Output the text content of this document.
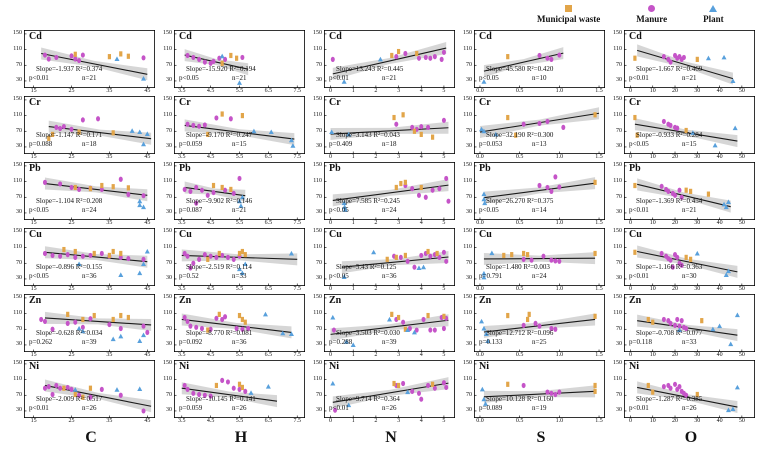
Municipal waste	Manure	Plant
150
110
70
30
Cd
Slope=-1.937 R²=0.374
p<0.01	n=21
15	25	35	45
150
110
70
30
Cd
Slope=-15.920 R²=0.194
p<0.05	n=21
3.5	4.5	5.5	6.5	7.5
150
110
70
30
Cd
Slope=13.243 R²=0.445
p<0.01	n=21
0	1	2	3	4	5
150
110
70
30
Cd
Slope=45.580 R²=0.420
p<0.05	n=10
0.0	0.5	1.0	1.5
150
110
70
30
Cd
Slope=-1.667 R²=0.469
p<0.01	n=21
0	10	20	30	40	50
150
110
70
30
Cr
Slope=-1.147 R²=0.171
p=0.088	n=18
15	25	35	45
150
110
70
30
Cr
Slope=-9.170 R²=0.247
p=0.059	n=15
3.5	4.5	5.5	6.5	7.5
150
110
70
30
Cr
Slope=3.143 R²=0.043
p=0.409	n=18
0	1	2	3	4	5
150
110
70
30
Cr
Slope=32.190 R²=0.300
p=0.053	n=13
0.0	0.5	1.0	1.5
150
110
70
30
Cr
Slope=-0.933 R²=0.284
p<0.05	n=15
0	10	20	30	40	50
150
110
70
30
Pb
Slope=-1.104 R²=0.208
p<0.05	n=24
15	25	35	45
150
110
70
30
Pb
Slope=-9.902 R²=0.146
p=0.087	n=21
3.5	4.5	5.5	6.5	7.5
150
110
70
30
Pb
Slope=7.585 R²=0.245
p<0.05	n=24
0	1	2	3	4	5
150
110
70
30
Pb
Slope=26.270 R²=0.375
p<0.05	n=14
0.0	0.5	1.0	1.5
150
110
70
30
Pb
Slope=-1.369 R²=0.454
p<0.01	n=21
0	10	20	30	40	50
150
110
70
30
Cu
Slope=-0.896 R²=0.155
p<0.05	n=36
15	25	35	45
150
110
70
30
Cu
Slope=-2.519 R²=0.114
p=0.52	n=33
3.5	4.5	5.5	6.5	7.5
150
110
70
30
Cu
Slope=5.43 R²=0.125
p<0.05	n=36
0	1	2	3	4	5
150
110
70
30
Cu
Slope=1.480 R²=0.003
p=0.791	n=24
0.0	0.5	1.0	1.5
150
110
70
30
Cu
Slope=-1.166 R²=0.363
p<0.01	n=30
0	10	20	30	40	50
150
110
70
30
Zn
Slope=-0.628 R²=0.034
p=0.262	n=39
15	25	35	45
150
110
70
30
Zn
Slope=-8.770 R²=0.081
p=0.092	n=36
3.5	4.5	5.5	6.5	7.5
150
110
70
30
Zn
Slope=3.503 R²=0.030
p=0.288	n=39
0	1	2	3	4	5
150
110
70
30
Zn
Slope=12.712 R²=0.096
p=0.133	n=25
0.0	0.5	1.0	1.5
150
110
70
30
Zn
Slope=-0.708 R²=0.077
p=0.118	n=33
0	10	20	30	40	50
150
110
70
30
Ni
Slope=-2.009 R²=0.517
p<0.01	n=26
15	25	35	45
150
110
70
30
Ni
Slope=-10.145 R²=0.141
p=0.059	n=26
3.5	4.5	5.5	6.5	7.5
150
110
70
30
Ni
Slope=9.714 R²=0.364
p<0.01	n=26
0	1	2	3	4	5
150
110
70
30
Ni
Slope=10.128 R²=0.160
p=0.089	n=19
0.0	0.5	1.0	1.5
150
110
70
30
Ni
Slope=-1.287 R²=0.385
p<0.01	n=26
0	10	20	30	40	50
C	H	N	S	O
